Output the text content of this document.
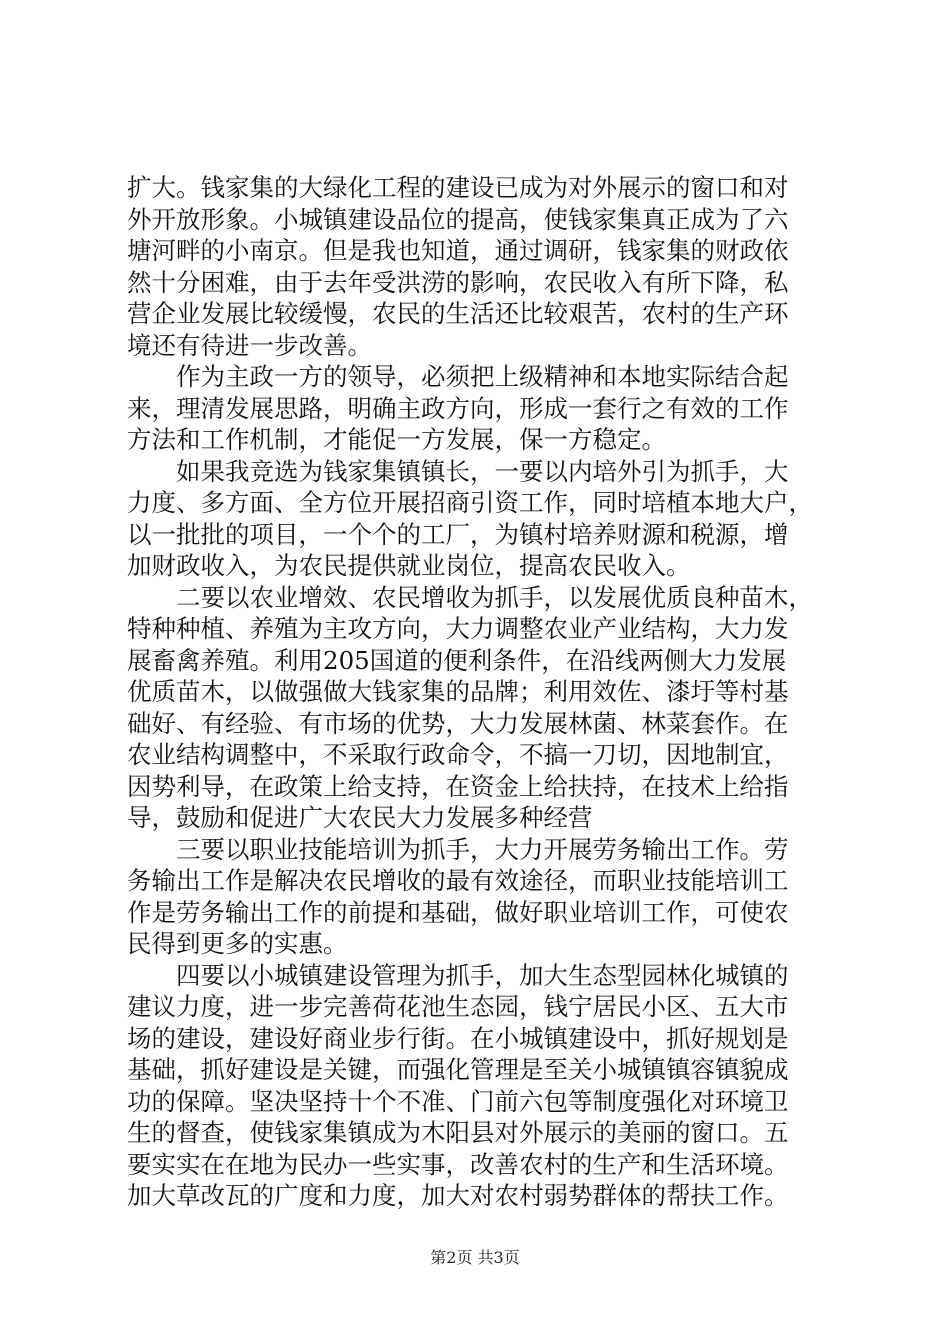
扩大。钱家集的大绿化工程的建设已成为对外展示的窗口和对
外开放形象。小城镇建设品位的提高，使钱家集真正成为了六
塘河畔的小南京。但是我也知道，通过调研，钱家集的财政依
然十分困难，由于去年受洪涝的影响，农民收入有所下降，私
营企业发展比较缓慢，农民的生活还比较艰苦，农村的生产环
境还有待进一步改善。
　　作为主政一方的领导，必须把上级精神和本地实际结合起
来，理清发展思路，明确主政方向，形成一套行之有效的工作
方法和工作机制，才能促一方发展，保一方稳定。
　　如果我竞选为钱家集镇镇长，一要以内培外引为抓手，大
力度、多方面、全方位开展招商引资工作，同时培植本地大户，
以一批批的项目，一个个的工厂，为镇村培养财源和税源，增
加财政收入，为农民提供就业岗位，提高农民收入。
　　二要以农业增效、农民增收为抓手，以发展优质良种苗木，
特种种植、养殖为主攻方向，大力调整农业产业结构，大力发
展畜禽养殖。利用205国道的便利条件，在沿线两侧大力发展
优质苗木，以做强做大钱家集的品牌；利用效佐、漆圩等村基
础好、有经验、有市场的优势，大力发展林菌、林菜套作。在
农业结构调整中，不采取行政命令，不搞一刀切，因地制宜，
因势利导，在政策上给支持，在资金上给扶持，在技术上给指
导，鼓励和促进广大农民大力发展多种经营
　　三要以职业技能培训为抓手，大力开展劳务输出工作。劳
务输出工作是解决农民增收的最有效途径，而职业技能培训工
作是劳务输出工作的前提和基础，做好职业培训工作，可使农
民得到更多的实惠。
　　四要以小城镇建设管理为抓手，加大生态型园林化城镇的
建议力度，进一步完善荷花池生态园，钱宁居民小区、五大市
场的建设，建设好商业步行街。在小城镇建设中，抓好规划是
基础，抓好建设是关键，而强化管理是至关小城镇镇容镇貌成
功的保障。坚决坚持十个不准、门前六包等制度强化对环境卫
生的督查，使钱家集镇成为木阳县对外展示的美丽的窗口。五
要实实在在地为民办一些实事，改善农村的生产和生活环境。
加大草改瓦的广度和力度，加大对农村弱势群体的帮扶工作。
第2页 共3页
